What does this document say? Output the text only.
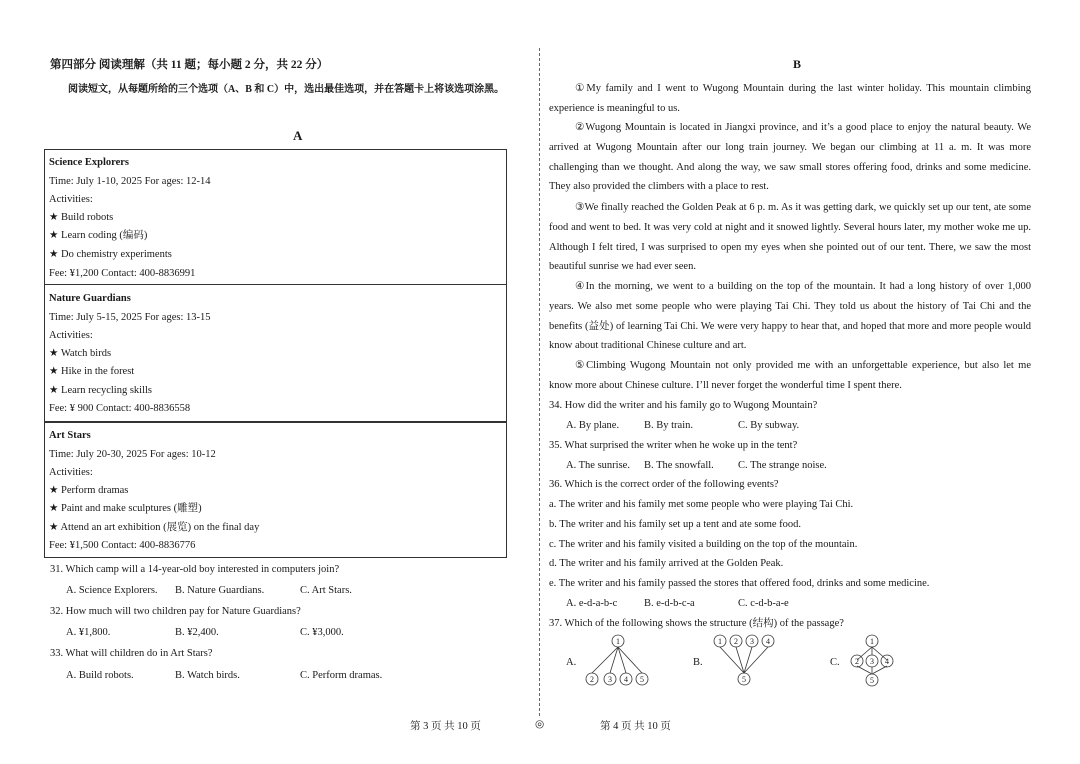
第四部分 阅读理解（共 11 题；每小题 2 分，共 22 分）
阅读短文，从每题所给的三个选项（A、B 和 C）中，选出最佳选项，并在答题卡上将该选项涂黑。
A
Science Explorers
Time: July 1-10, 2025 For ages: 12-14
Activities:
★ Build robots
★ Learn coding (编码)
★ Do chemistry experiments
Fee: ¥1,200 Contact: 400-8836991
Nature Guardians
Time: July 5-15, 2025 For ages: 13-15
Activities:
★ Watch birds
★ Hike in the forest
★ Learn recycling skills
Fee: ¥ 900 Contact: 400-8836558
Art Stars
Time: July 20-30, 2025 For ages: 10-12
Activities:
★ Perform dramas
★ Paint and make sculptures (雕塑)
★ Attend an art exhibition (展览) on the final day
Fee: ¥1,500 Contact: 400-8836776
31. Which camp will a 14-year-old boy interested in computers join?
A. Science Explorers. B. Nature Guardians.	C. Art Stars.
32. How much will two children pay for Nature Guardians?
A. ¥1,800.	B. ¥2,400.	C. ¥3,000.
33. What will children do in Art Stars?
A. Build robots.	B. Watch birds.	C. Perform dramas.
B
①My family and I went to Wugong Mountain during the last winter holiday. This mountain climbing experience is meaningful to us.
②Wugong Mountain is located in Jiangxi province, and it’s a good place to enjoy the natural beauty. We arrived at Wugong Mountain after our long train journey. We began our climbing at 11 a. m. It was more challenging than we thought. And along the way, we saw small stores offering food, drinks and some medicine. They also provided the climbers with a place to rest.
③We finally reached the Golden Peak at 6 p. m. As it was getting dark, we quickly set up our tent, ate some food and went to bed. It was very cold at night and it snowed lightly. Several hours later, my mother woke me up. Although I felt tired, I was surprised to open my eyes when she pointed out of our tent. There, we saw the most beautiful sunrise we had ever seen.
④In the morning, we went to a building on the top of the mountain. It had a long history of over 1,000 years. We also met some people who were playing Tai Chi. They told us about the history of Tai Chi and the benefits (益处) of learning Tai Chi. We were very happy to hear that, and hoped that more and more people would know about traditional Chinese culture and art.
⑤Climbing Wugong Mountain not only provided me with an unforgettable experience, but also let me know more about Chinese culture. I’ll never forget the wonderful time I spent there.
34. How did the writer and his family go to Wugong Mountain?
A. By plane. B. By train.	C. By subway.
35. What surprised the writer when he woke up in the tent?
A. The sunrise. B. The snowfall. C. The strange noise.
36. Which is the correct order of the following events?
a. The writer and his family met some people who were playing Tai Chi.
b. The writer and his family set up a tent and ate some food.
c. The writer and his family visited a building on the top of the mountain.
d. The writer and his family arrived at the Golden Peak.
e. The writer and his family passed the stores that offered food, drinks and some medicine.
A. e-d-a-b-c	B. e-d-b-c-a	C. c-d-b-a-e
37. Which of the following shows the structure (结构) of the passage?
A.	B.	C.
1
2 3 4 5
1 2 3 4
5
1
2 3 4
5
第 3 页 共 10 页	◎	第 4 页 共 10 页
